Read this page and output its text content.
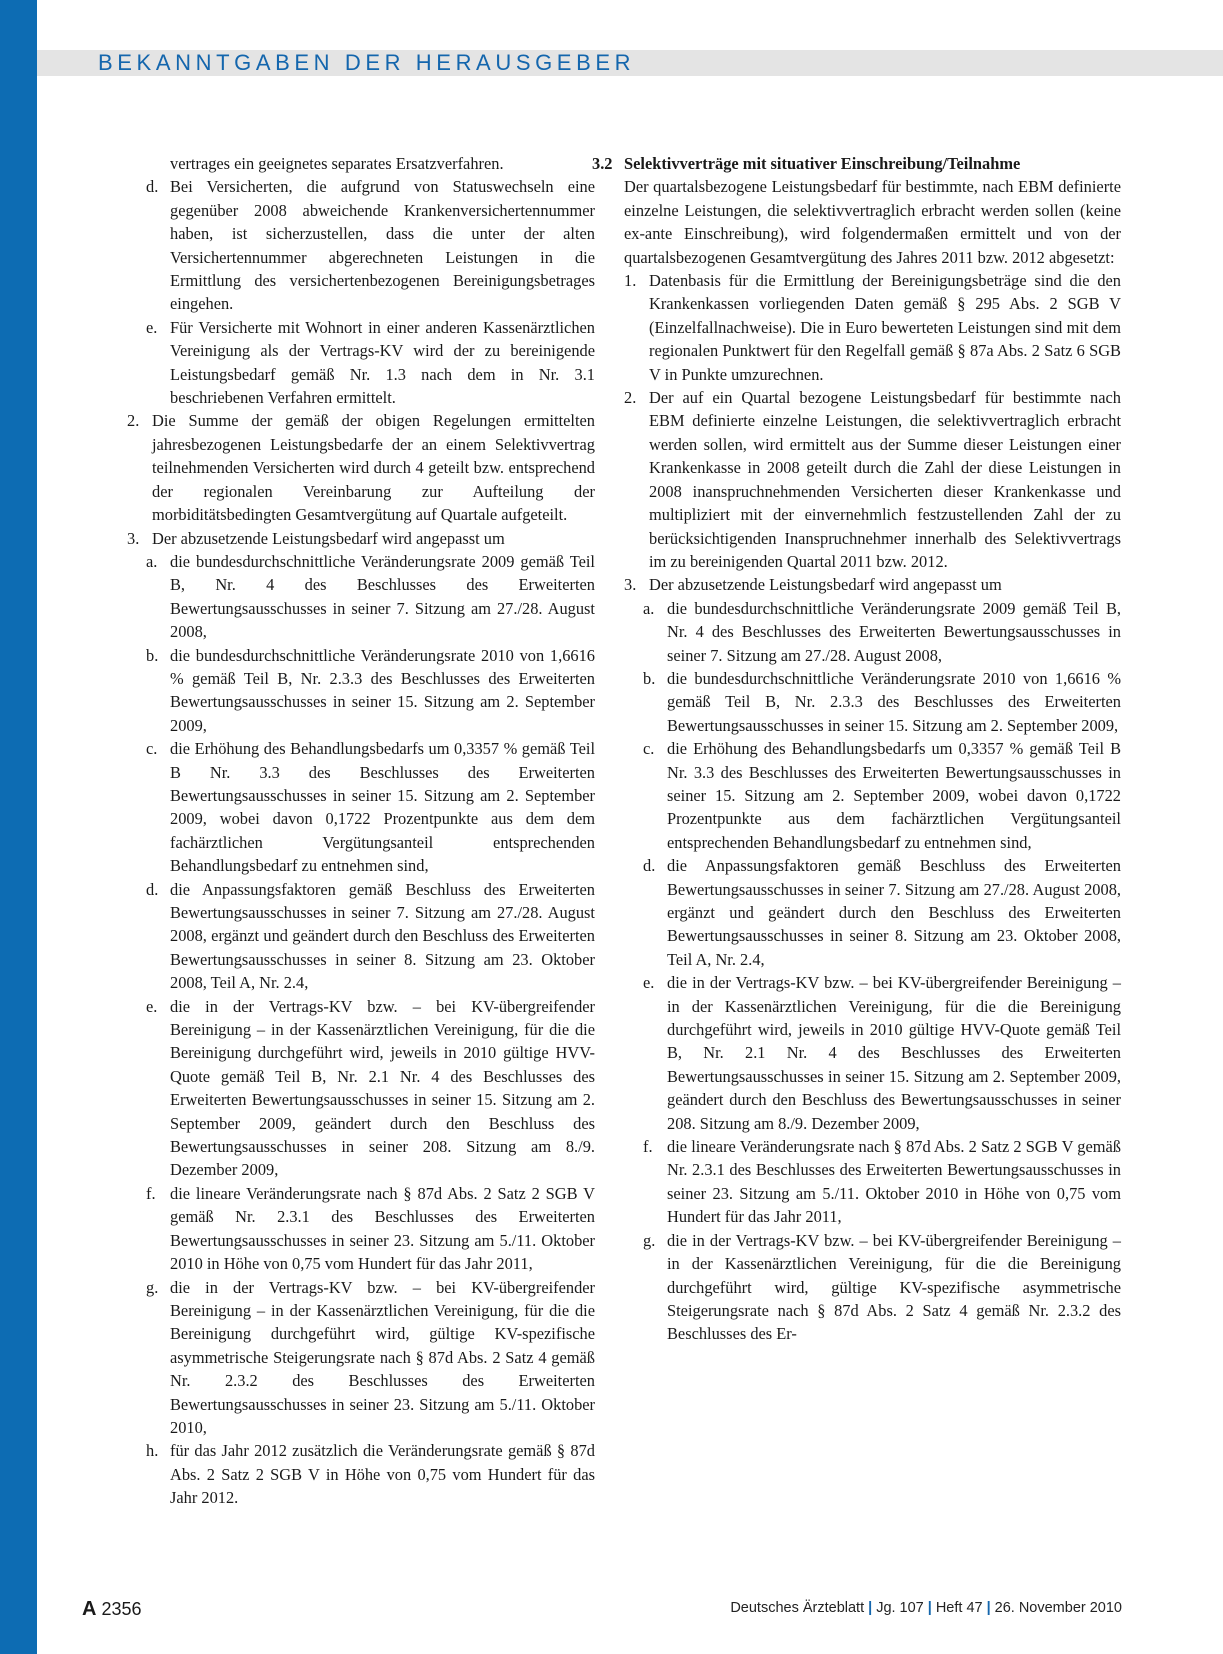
BEKANNTGABEN DER HERAUSGEBER
vertrages ein geeignetes separates Ersatzverfahren.
d. Bei Versicherten, die aufgrund von Statuswechseln eine gegenüber 2008 abweichende Krankenversichertennummer haben, ist sicherzustellen, dass die unter der alten Versichertennummer abgerechneten Leistungen in die Ermittlung des versichertenbezogenen Bereinigungsbetrages eingehen.
e. Für Versicherte mit Wohnort in einer anderen Kassenärztlichen Vereinigung als der Vertrags-KV wird der zu bereinigende Leistungsbedarf gemäß Nr. 1.3 nach dem in Nr. 3.1 beschriebenen Verfahren ermittelt.
2. Die Summe der gemäß der obigen Regelungen ermittelten jahresbezogenen Leistungsbedarfe der an einem Selektivvertrag teilnehmenden Versicherten wird durch 4 geteilt bzw. entsprechend der regionalen Vereinbarung zur Aufteilung der morbiditätsbedingten Gesamtvergütung auf Quartale aufgeteilt.
3. Der abzusetzende Leistungsbedarf wird angepasst um
a. die bundesdurchschnittliche Veränderungsrate 2009 gemäß Teil B, Nr. 4 des Beschlusses des Erweiterten Bewertungsausschusses in seiner 7. Sitzung am 27./28. August 2008,
b. die bundesdurchschnittliche Veränderungsrate 2010 von 1,6616 % gemäß Teil B, Nr. 2.3.3 des Beschlusses des Erweiterten Bewertungsausschusses in seiner 15. Sitzung am 2. September 2009,
c. die Erhöhung des Behandlungsbedarfs um 0,3357 % gemäß Teil B Nr. 3.3 des Beschlusses des Erweiterten Bewertungsausschusses in seiner 15. Sitzung am 2. September 2009, wobei davon 0,1722 Prozentpunkte aus dem dem fachärztlichen Vergütungsanteil entsprechenden Behandlungsbedarf zu entnehmen sind,
d. die Anpassungsfaktoren gemäß Beschluss des Erweiterten Bewertungsausschusses in seiner 7. Sitzung am 27./28. August 2008, ergänzt und geändert durch den Beschluss des Erweiterten Bewertungsausschusses in seiner 8. Sitzung am 23. Oktober 2008, Teil A, Nr. 2.4,
e. die in der Vertrags-KV bzw. – bei KV-übergreifender Bereinigung – in der Kassenärztlichen Vereinigung, für die die Bereinigung durchgeführt wird, jeweils in 2010 gültige HVV-Quote gemäß Teil B, Nr. 2.1 Nr. 4 des Beschlusses des Erweiterten Bewertungsausschusses in seiner 15. Sitzung am 2. September 2009, geändert durch den Beschluss des Bewertungsausschusses in seiner 208. Sitzung am 8./9. Dezember 2009,
f. die lineare Veränderungsrate nach § 87d Abs. 2 Satz 2 SGB V gemäß Nr. 2.3.1 des Beschlusses des Erweiterten Bewertungsausschusses in seiner 23. Sitzung am 5./11. Oktober 2010 in Höhe von 0,75 vom Hundert für das Jahr 2011,
g. die in der Vertrags-KV bzw. – bei KV-übergreifender Bereinigung – in der Kassenärztlichen Vereinigung, für die die Bereinigung durchgeführt wird, gültige KV-spezifische asymmetrische Steigerungsrate nach § 87d Abs. 2 Satz 4 gemäß Nr. 2.3.2 des Beschlusses des Erweiterten Bewertungsausschusses in seiner 23. Sitzung am 5./11. Oktober 2010,
h. für das Jahr 2012 zusätzlich die Veränderungsrate gemäß § 87d Abs. 2 Satz 2 SGB V in Höhe von 0,75 vom Hundert für das Jahr 2012.
3.2 Selektivverträge mit situativer Einschreibung/Teilnahme
Der quartalsbezogene Leistungsbedarf für bestimmte, nach EBM definierte einzelne Leistungen, die selektivvertraglich erbracht werden sollen (keine ex-ante Einschreibung), wird folgendermaßen ermittelt und von der quartalsbezogenen Gesamtvergütung des Jahres 2011 bzw. 2012 abgesetzt:
1. Datenbasis für die Ermittlung der Bereinigungsbeträge sind die den Krankenkassen vorliegenden Daten gemäß § 295 Abs. 2 SGB V (Einzelfallnachweise). Die in Euro bewerteten Leistungen sind mit dem regionalen Punktwert für den Regelfall gemäß § 87a Abs. 2 Satz 6 SGB V in Punkte umzurechnen.
2. Der auf ein Quartal bezogene Leistungsbedarf für bestimmte nach EBM definierte einzelne Leistungen, die selektivvertraglich erbracht werden sollen, wird ermittelt aus der Summe dieser Leistungen einer Krankenkasse in 2008 geteilt durch die Zahl der diese Leistungen in 2008 inanspruchnehmenden Versicherten dieser Krankenkasse und multipliziert mit der einvernehmlich festzustellenden Zahl der zu berücksichtigenden Inanspruchnehmer innerhalb des Selektivvertrags im zu bereinigenden Quartal 2011 bzw. 2012.
3. Der abzusetzende Leistungsbedarf wird angepasst um
a. die bundesdurchschnittliche Veränderungsrate 2009 gemäß Teil B, Nr. 4 des Beschlusses des Erweiterten Bewertungsausschusses in seiner 7. Sitzung am 27./28. August 2008,
b. die bundesdurchschnittliche Veränderungsrate 2010 von 1,6616 % gemäß Teil B, Nr. 2.3.3 des Beschlusses des Erweiterten Bewertungsausschusses in seiner 15. Sitzung am 2. September 2009,
c. die Erhöhung des Behandlungsbedarfs um 0,3357 % gemäß Teil B Nr. 3.3 des Beschlusses des Erweiterten Bewertungsausschusses in seiner 15. Sitzung am 2. September 2009, wobei davon 0,1722 Prozentpunkte aus dem fachärztlichen Vergütungsanteil entsprechenden Behandlungsbedarf zu entnehmen sind,
d. die Anpassungsfaktoren gemäß Beschluss des Erweiterten Bewertungsausschusses in seiner 7. Sitzung am 27./28. August 2008, ergänzt und geändert durch den Beschluss des Erweiterten Bewertungsausschusses in seiner 8. Sitzung am 23. Oktober 2008, Teil A, Nr. 2.4,
e. die in der Vertrags-KV bzw. – bei KV-übergreifender Bereinigung – in der Kassenärztlichen Vereinigung, für die die Bereinigung durchgeführt wird, jeweils in 2010 gültige HVV-Quote gemäß Teil B, Nr. 2.1 Nr. 4 des Beschlusses des Erweiterten Bewertungsausschusses in seiner 15. Sitzung am 2. September 2009, geändert durch den Beschluss des Bewertungsausschusses in seiner 208. Sitzung am 8./9. Dezember 2009,
f. die lineare Veränderungsrate nach § 87d Abs. 2 Satz 2 SGB V gemäß Nr. 2.3.1 des Beschlusses des Erweiterten Bewertungsausschusses in seiner 23. Sitzung am 5./11. Oktober 2010 in Höhe von 0,75 vom Hundert für das Jahr 2011,
g. die in der Vertrags-KV bzw. – bei KV-übergreifender Bereinigung – in der Kassenärztlichen Vereinigung, für die die Bereinigung durchgeführt wird, gültige KV-spezifische asymmetrische Steigerungsrate nach § 87d Abs. 2 Satz 4 gemäß Nr. 2.3.2 des Beschlusses des Er-
A 2356	Deutsches Ärzteblatt | Jg. 107 | Heft 47 | 26. November 2010
